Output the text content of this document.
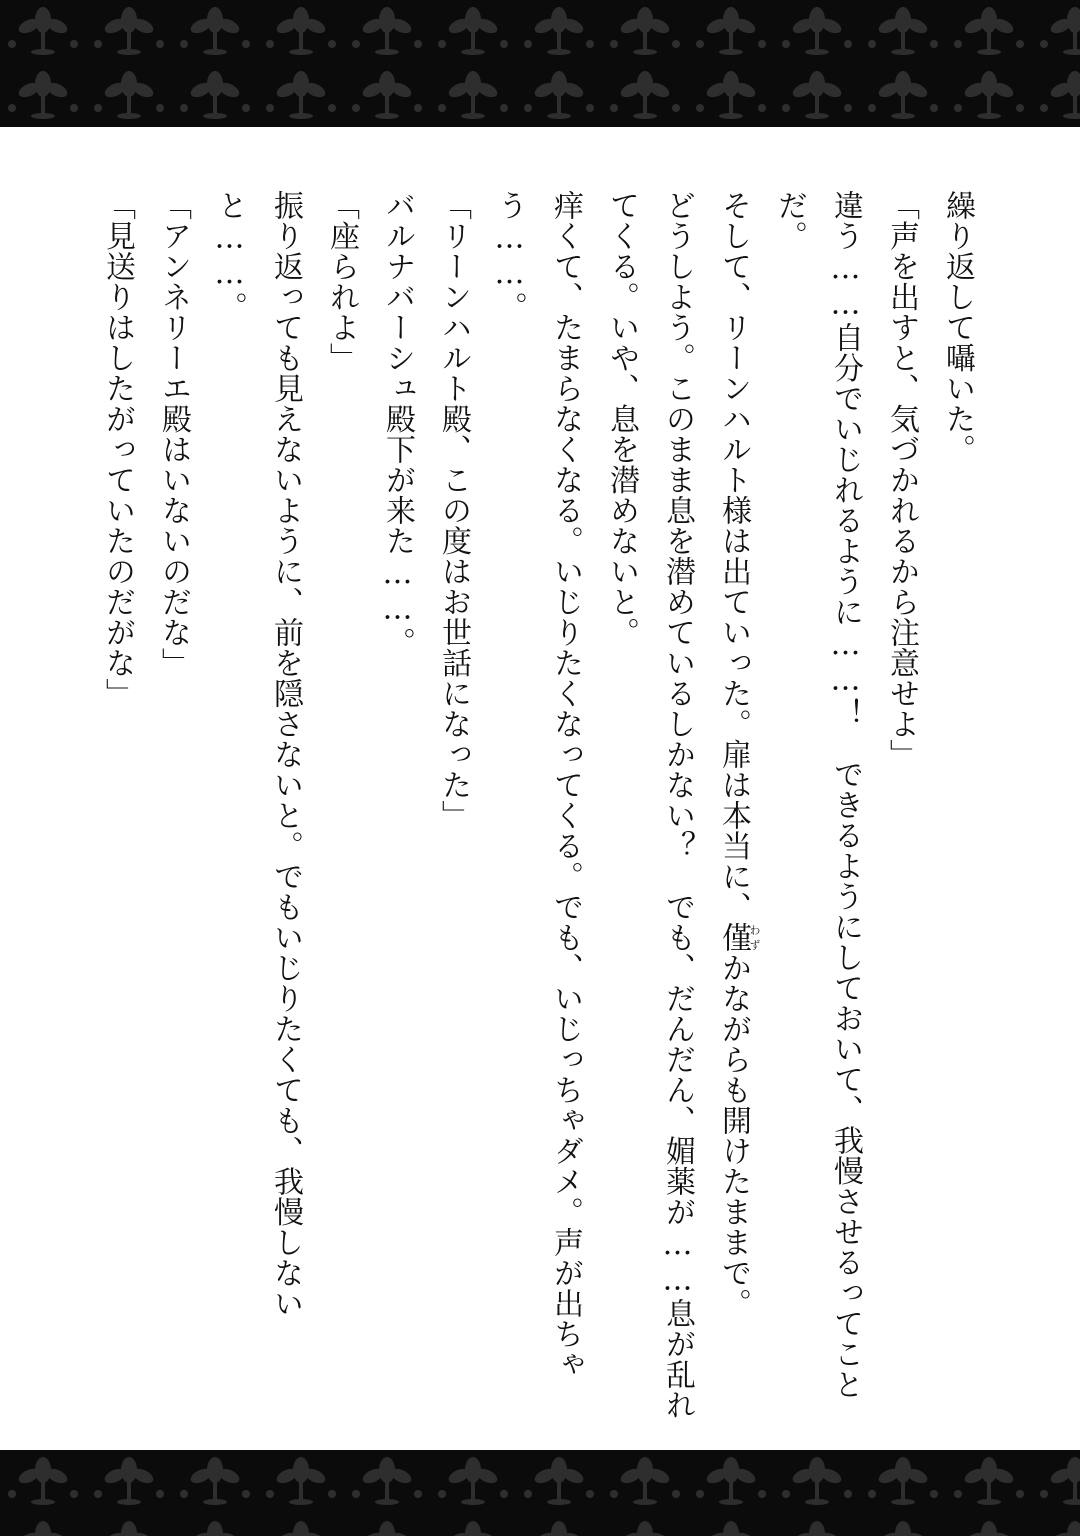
繰り返して囁いた。

「声を出すと、気づかれるから注意せよ」

違う……自分でいじれるように……！　できるようにしておいて、我慢させるってことだ。

そして、リーンハルト様は出ていった。扉は本当に、僅わずかながらも開けたままで。

どうしよう。このまま息を潜めているしかない？　でも、だんだん、媚薬が……息が乱れてくる。いや、息を潜めないと。

痒くて、たまらなくなる。いじりたくなってくる。でも、いじっちゃダメ。声が出ちゃう……。

「リーンハルト殿、この度はお世話になった」

バルナバーシュ殿下が来た……。

「座られよ」

振り返っても見えないように、前を隠さないと。でもいじりたくても、我慢しないと……。

「アンネリーエ殿はいないのだな」

「見送りはしたがっていたのだがな」
